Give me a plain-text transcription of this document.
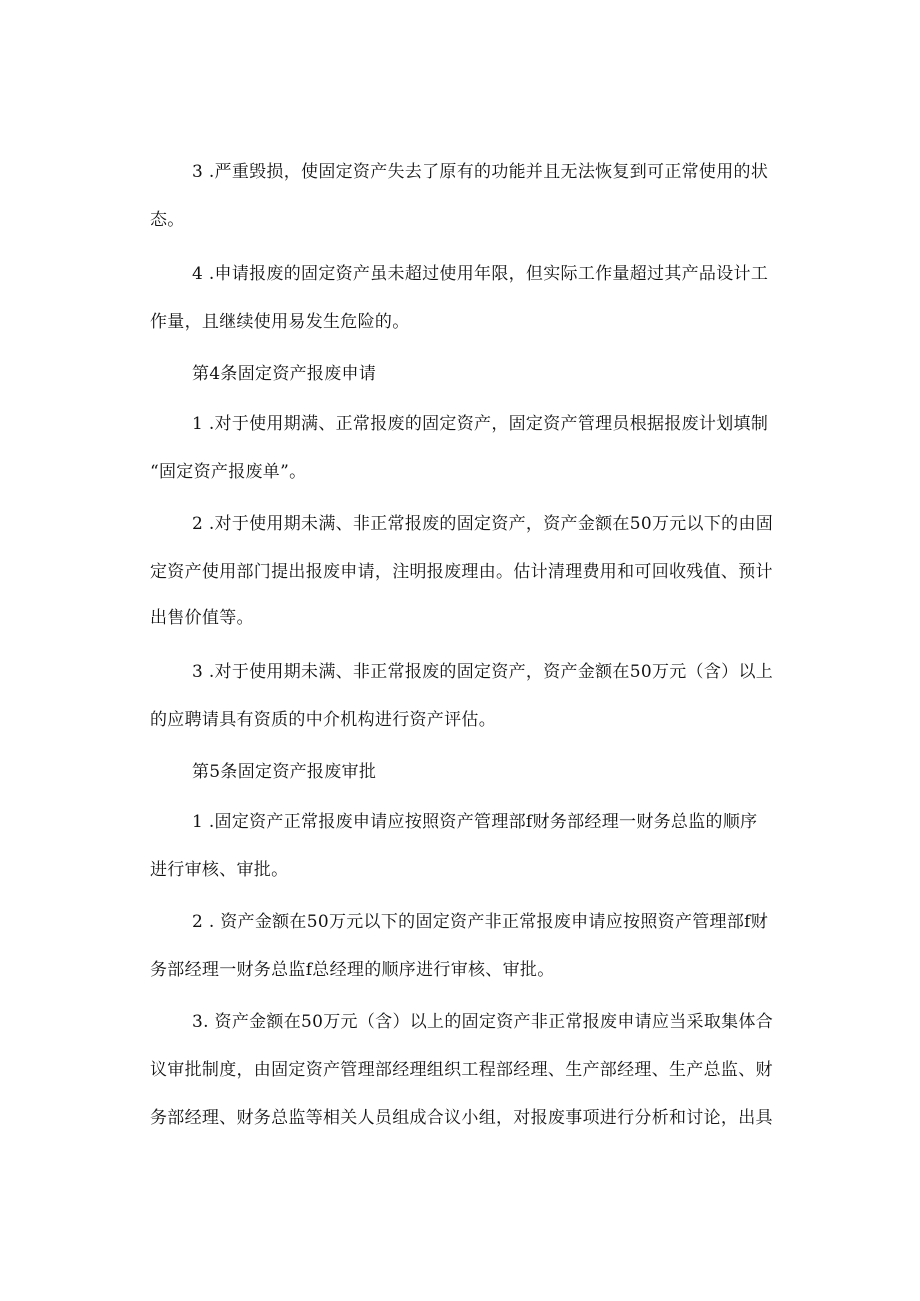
3 .严重毁损，使固定资产失去了原有的功能并且无法恢复到可正常使用的状
态。
4 .申请报废的固定资产虽未超过使用年限，但实际工作量超过其产品设计工
作量，且继续使用易发生危险的。
第4条固定资产报废申请
1 .对于使用期满、正常报废的固定资产，固定资产管理员根据报废计划填制
“固定资产报废单”。
2 .对于使用期未满、非正常报废的固定资产，资产金额在50万元以下的由固
定资产使用部门提出报废申请，注明报废理由。估计清理费用和可回收残值、预计
出售价值等。
3 .对于使用期未满、非正常报废的固定资产，资产金额在50万元（含）以上
的应聘请具有资质的中介机构进行资产评估。
第5条固定资产报废审批
1 .固定资产正常报废申请应按照资产管理部f财务部经理一财务总监的顺序
进行审核、审批。
2 . 资产金额在50万元以下的固定资产非正常报废申请应按照资产管理部f财
务部经理一财务总监f总经理的顺序进行审核、审批。
3. 资产金额在50万元（含）以上的固定资产非正常报废申请应当采取集体合
议审批制度，由固定资产管理部经理组织工程部经理、生产部经理、生产总监、财
务部经理、财务总监等相关人员组成合议小组，对报废事项进行分析和讨论，出具
